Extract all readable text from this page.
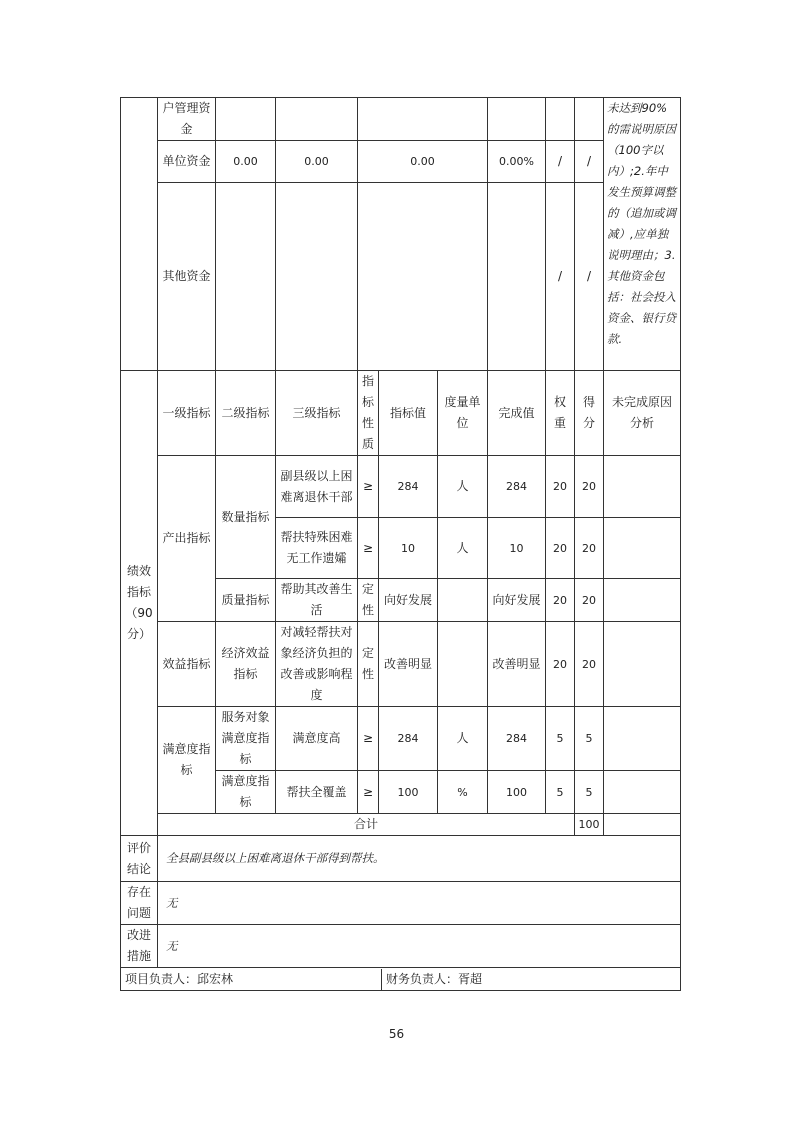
	户管理资金									未达到90%的需说明原因（100字以内）;2.年中发生预算调整的（追加或调减）,应单独说明理由；3.其他资金包括：社会投入资金、银行贷款.	
	单位资金	0.00	0.00	0.00			0.00%	/	/		
	其他资金							/	/		
绩效指标（90分）	一级指标	二级指标	三级指标	指标性质	指标值	度量单位	完成值	权重	得分	未完成原因分析	
	产出指标	数量指标	副县级以上困难离退休干部	≥	284	人	284	20	20		
			帮扶特殊困难无工作遗孀	≥	10	人	10	20	20		
		质量指标	帮助其改善生活	定性	向好发展		向好发展	20	20		
	效益指标	经济效益指标	对减轻帮扶对象经济负担的改善或影响程度	定性	改善明显		改善明显	20	20		
	满意度指标	服务对象满意度指标	满意度高	≥	284	人	284	5	5		
		满意度指标	帮扶全覆盖	≥	100	%	100	5	5		
	合计								100		
评价结论	全县副县级以上困难离退休干部得到帮扶。										
存在问题	无										
改进措施	无										

项目负责人：邱宏林 财务负责人：胥超											
56
